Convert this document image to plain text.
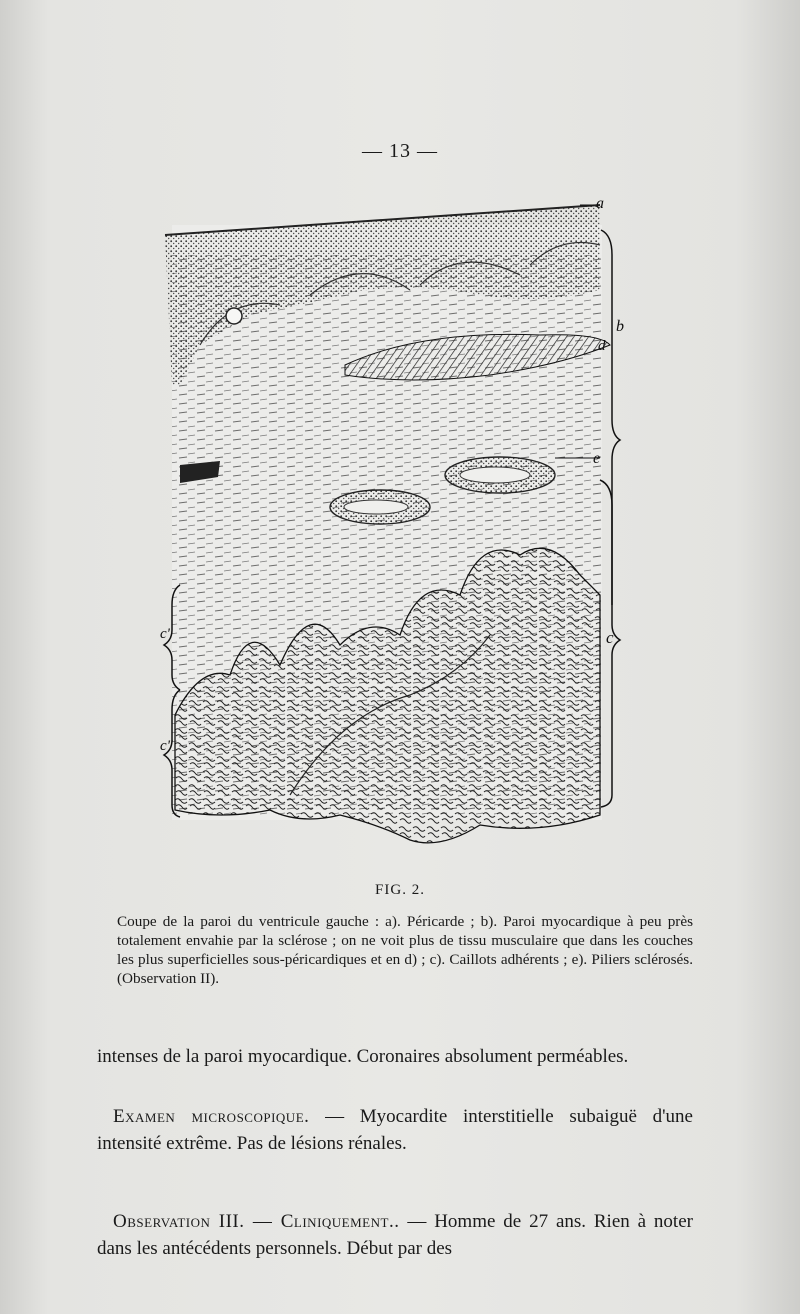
— 13 —
a
b
d
e
c
c'
c"
FIG. 2.

Coupe de la paroi du ventricule gauche : a). Péricarde ; b). Paroi myocardique à peu près totalement envahie par la sclérose ; on ne voit plus de tissu musculaire que dans les couches les plus superficielles sous-péricardiques et en d) ; c). Caillots adhérents ; e). Piliers sclérosés. (Observation II).

intenses de la paroi myocardique. Coronaires absolument perméables.

Examen microscopique. — Myocardite interstitielle subaiguë d'une intensité extrême. Pas de lésions rénales.

Observation III. — Cliniquement.. — Homme de 27 ans. Rien à noter dans les antécédents personnels. Début par des
